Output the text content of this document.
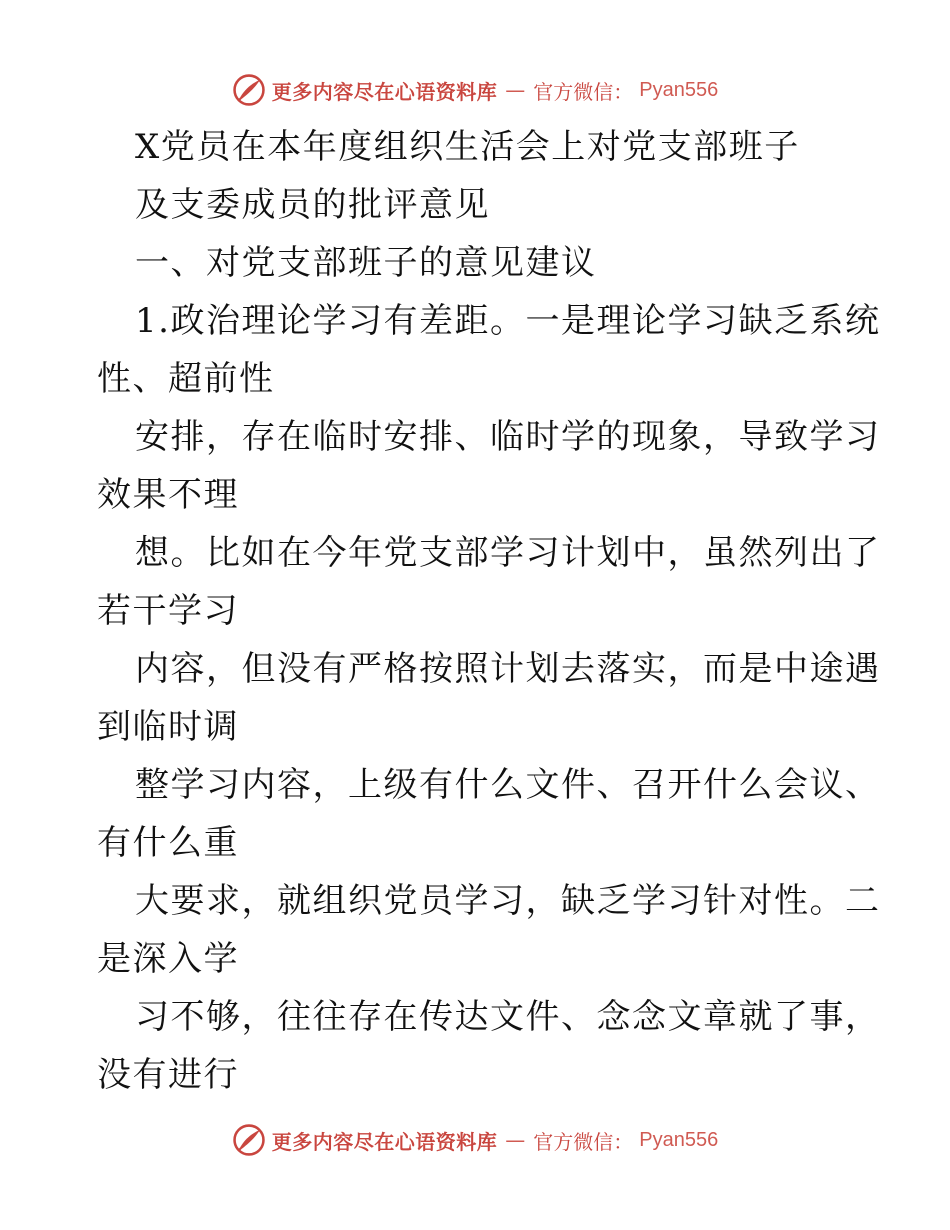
更多内容尽在心语资料库 — 官方微信： Pyan556
X党员在本年度组织生活会上对党支部班子
及支委成员的批评意见
一、对党支部班子的意见建议
1.政治理论学习有差距。一是理论学习缺乏系统
性、超前性
安排，存在临时安排、临时学的现象，导致学习
效果不理
想。比如在今年党支部学习计划中，虽然列出了
若干学习
内容，但没有严格按照计划去落实，而是中途遇
到临时调
整学习内容，上级有什么文件、召开什么会议、
有什么重
大要求，就组织党员学习，缺乏学习针对性。二
是深入学
习不够，往往存在传达文件、念念文章就了事，
没有进行
更多内容尽在心语资料库 — 官方微信： Pyan556
